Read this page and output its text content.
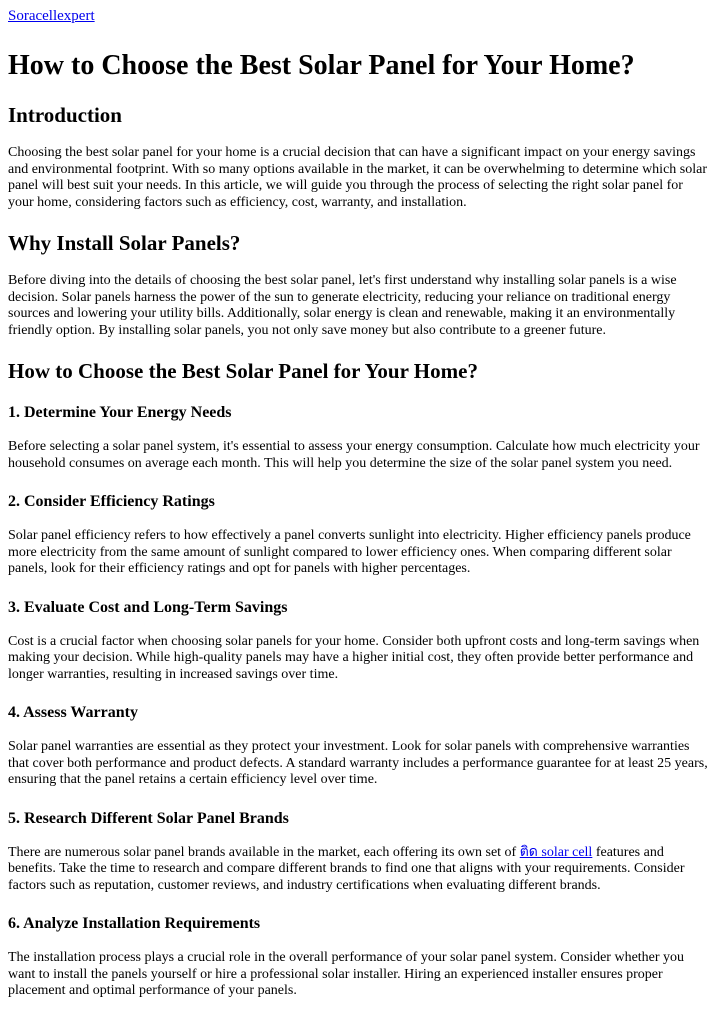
Soracellexpert
How to Choose the Best Solar Panel for Your Home?
Introduction

Choosing the best solar panel for your home is a crucial decision that can have a significant impact on your energy savings and environmental footprint. With so many options available in the market, it can be overwhelming to determine which solar panel will best suit your needs. In this article, we will guide you through the process of selecting the right solar panel for your home, considering factors such as efficiency, cost, warranty, and installation.

Why Install Solar Panels?

Before diving into the details of choosing the best solar panel, let's first understand why installing solar panels is a wise decision. Solar panels harness the power of the sun to generate electricity, reducing your reliance on traditional energy sources and lowering your utility bills. Additionally, solar energy is clean and renewable, making it an environmentally friendly option. By installing solar panels, you not only save money but also contribute to a greener future.

How to Choose the Best Solar Panel for Your Home?
1. Determine Your Energy Needs

Before selecting a solar panel system, it's essential to assess your energy consumption. Calculate how much electricity your household consumes on average each month. This will help you determine the size of the solar panel system you need.

2. Consider Efficiency Ratings

Solar panel efficiency refers to how effectively a panel converts sunlight into electricity. Higher efficiency panels produce more electricity from the same amount of sunlight compared to lower efficiency ones. When comparing different solar panels, look for their efficiency ratings and opt for panels with higher percentages.

3. Evaluate Cost and Long-Term Savings

Cost is a crucial factor when choosing solar panels for your home. Consider both upfront costs and long-term savings when making your decision. While high-quality panels may have a higher initial cost, they often provide better performance and longer warranties, resulting in increased savings over time.

4. Assess Warranty

Solar panel warranties are essential as they protect your investment. Look for solar panels with comprehensive warranties that cover both performance and product defects. A standard warranty includes a performance guarantee for at least 25 years, ensuring that the panel retains a certain efficiency level over time.

5. Research Different Solar Panel Brands

There are numerous solar panel brands available in the market, each offering its own set of ติด solar cell features and benefits. Take the time to research and compare different brands to find one that aligns with your requirements. Consider factors such as reputation, customer reviews, and industry certifications when evaluating different brands.

6. Analyze Installation Requirements

The installation process plays a crucial role in the overall performance of your solar panel system. Consider whether you want to install the panels yourself or hire a professional solar installer. Hiring an experienced installer ensures proper placement and optimal performance of your panels.
